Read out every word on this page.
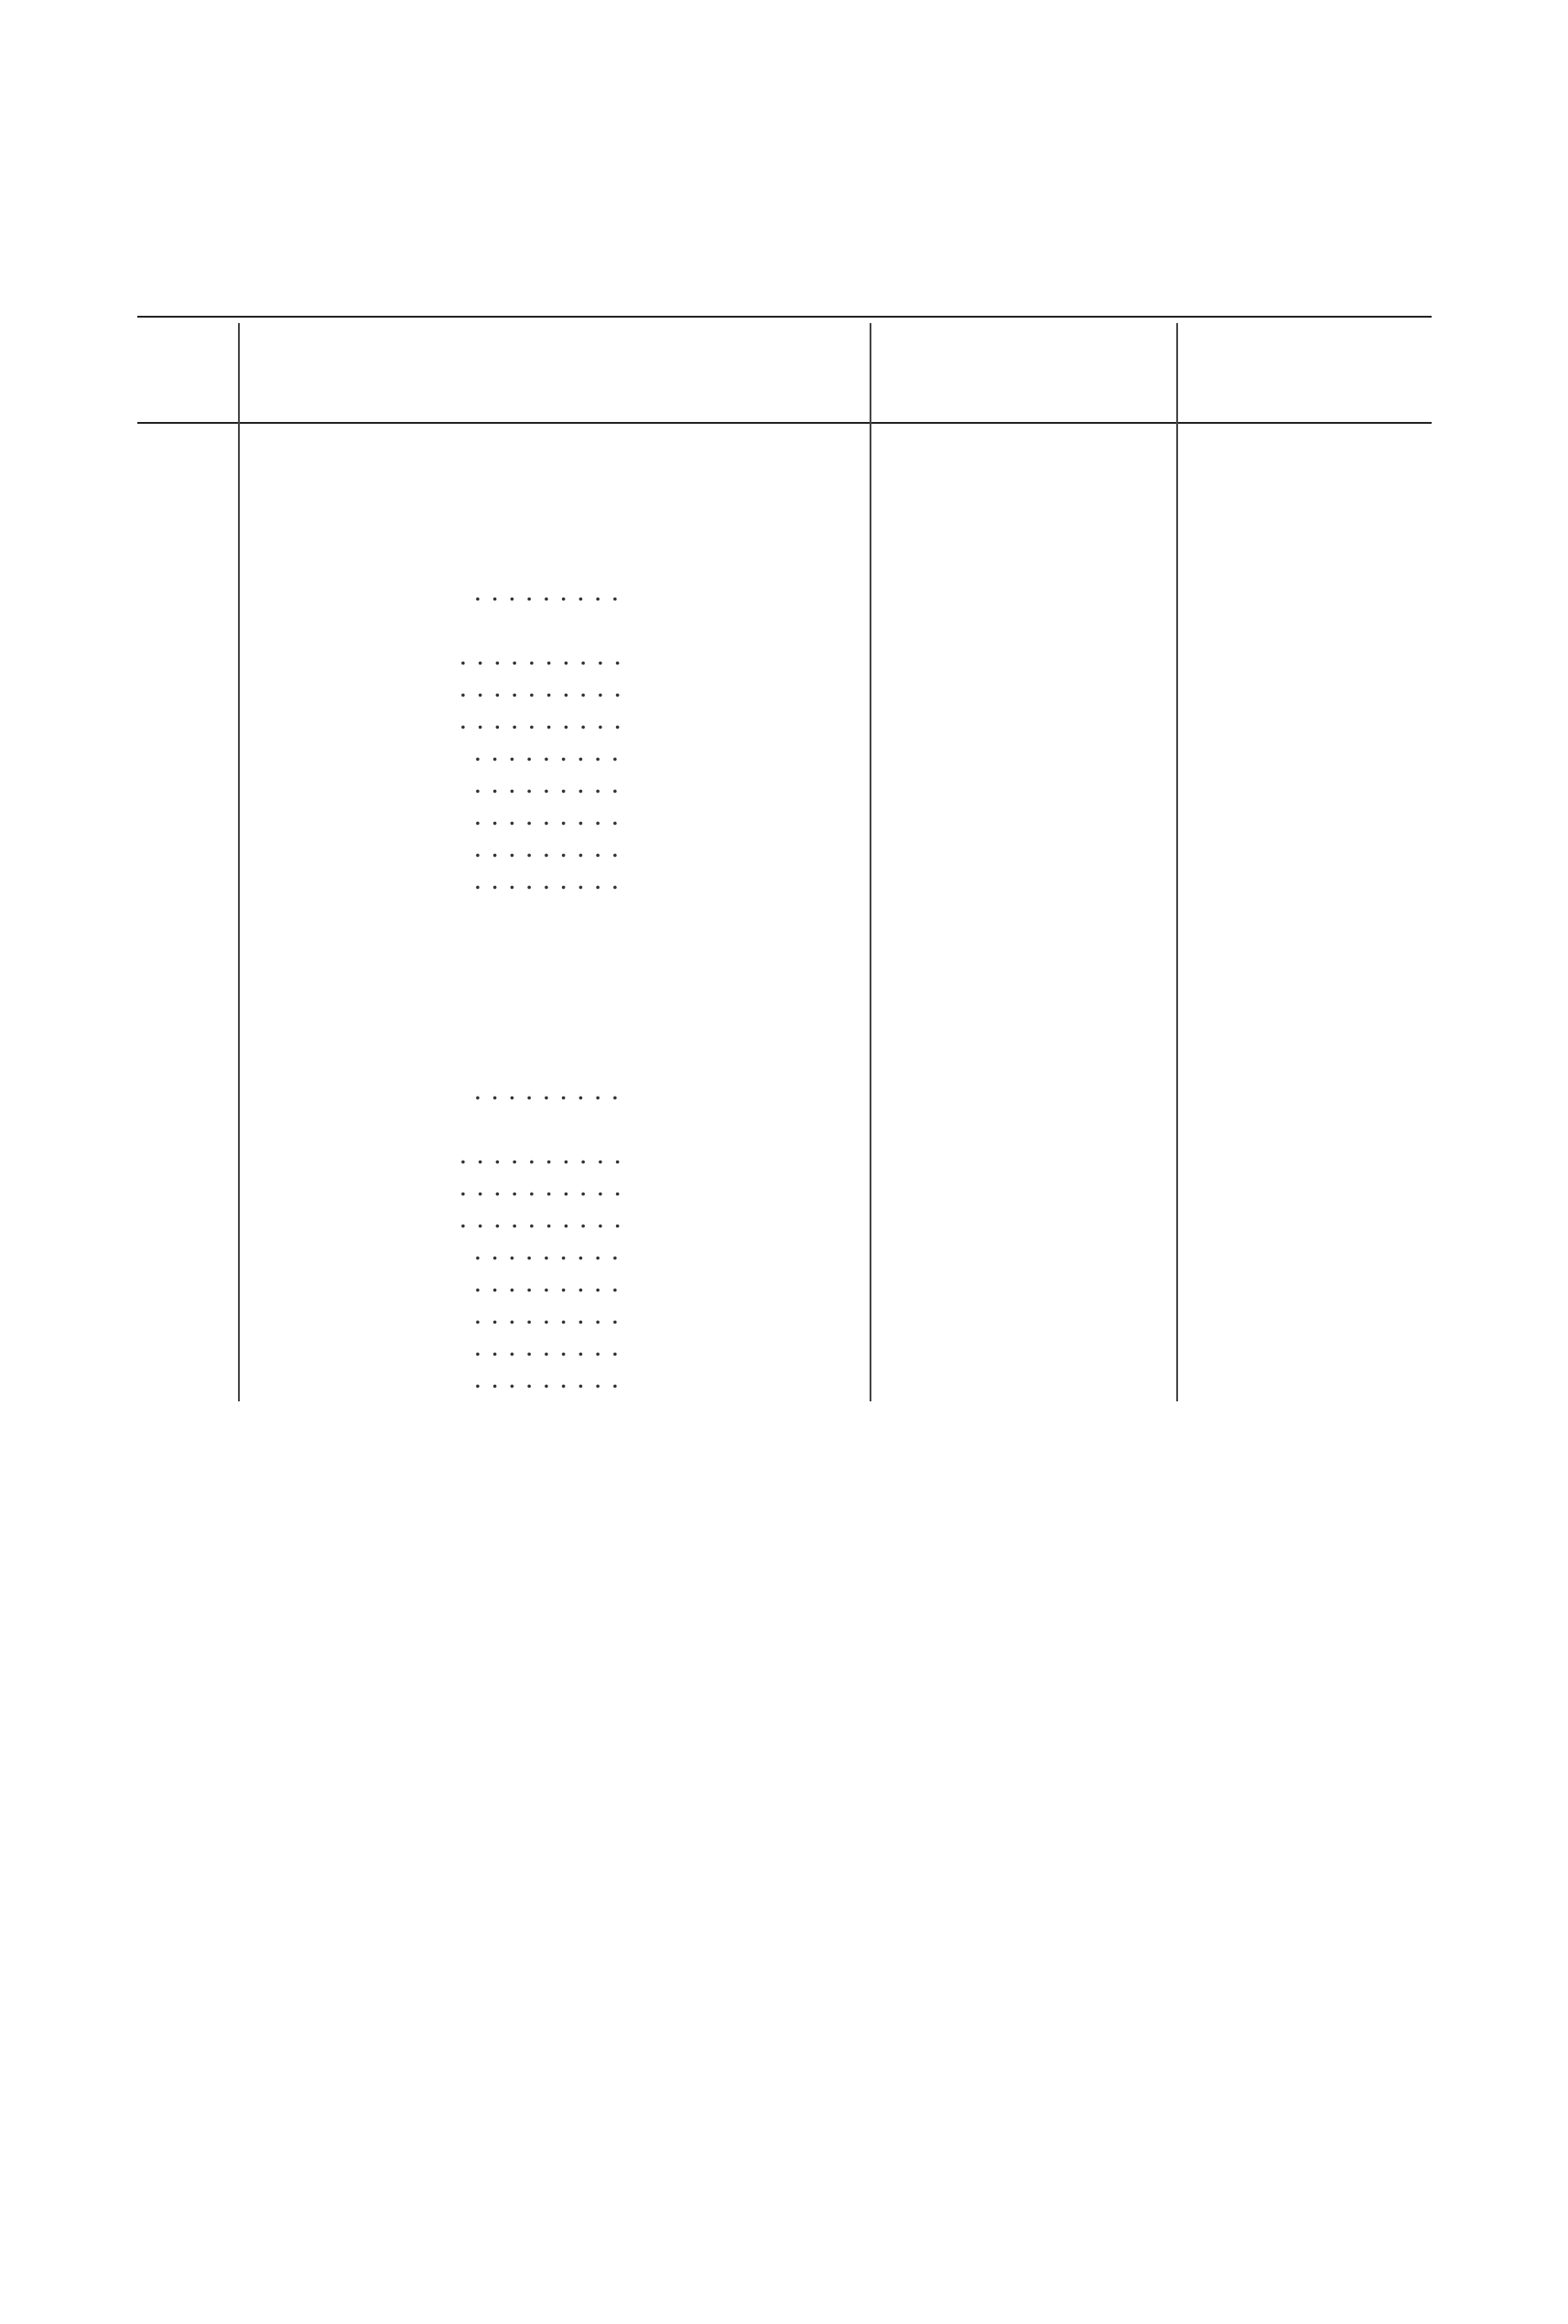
.........
..........
..........
..........
.........
.........
.........
.........
.........
.........
..........
..........
..........
.........
.........
.........
.........
.........
